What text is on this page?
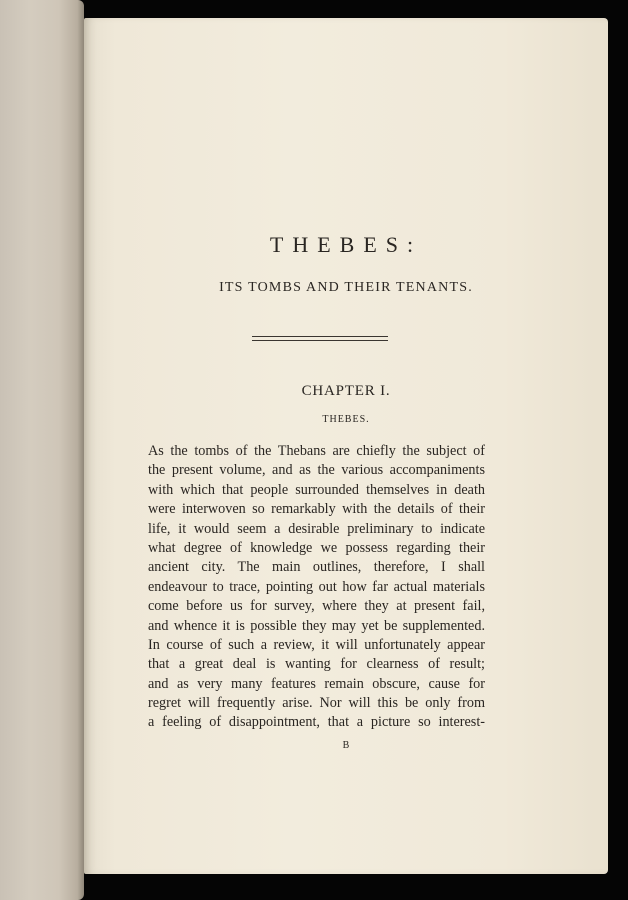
THEBES:
ITS TOMBS AND THEIR TENANTS.
CHAPTER I.
THEBES.
As the tombs of the Thebans are chiefly the subject of
the present volume, and as the various accompaniments
with which that people surrounded themselves in death
were interwoven so remarkably with the details of their
life, it would seem a desirable preliminary to indicate
what degree of knowledge we possess regarding their
ancient city. The main outlines, therefore, I shall
endeavour to trace, pointing out how far actual materials
come before us for survey, where they at present fail,
and whence it is possible they may yet be supplemented.
In course of such a review, it will unfortunately appear
that a great deal is wanting for clearness of result;
and as very many features remain obscure, cause for
regret will frequently arise. Nor will this be only from
a feeling of disappointment, that a picture so interest-
B
